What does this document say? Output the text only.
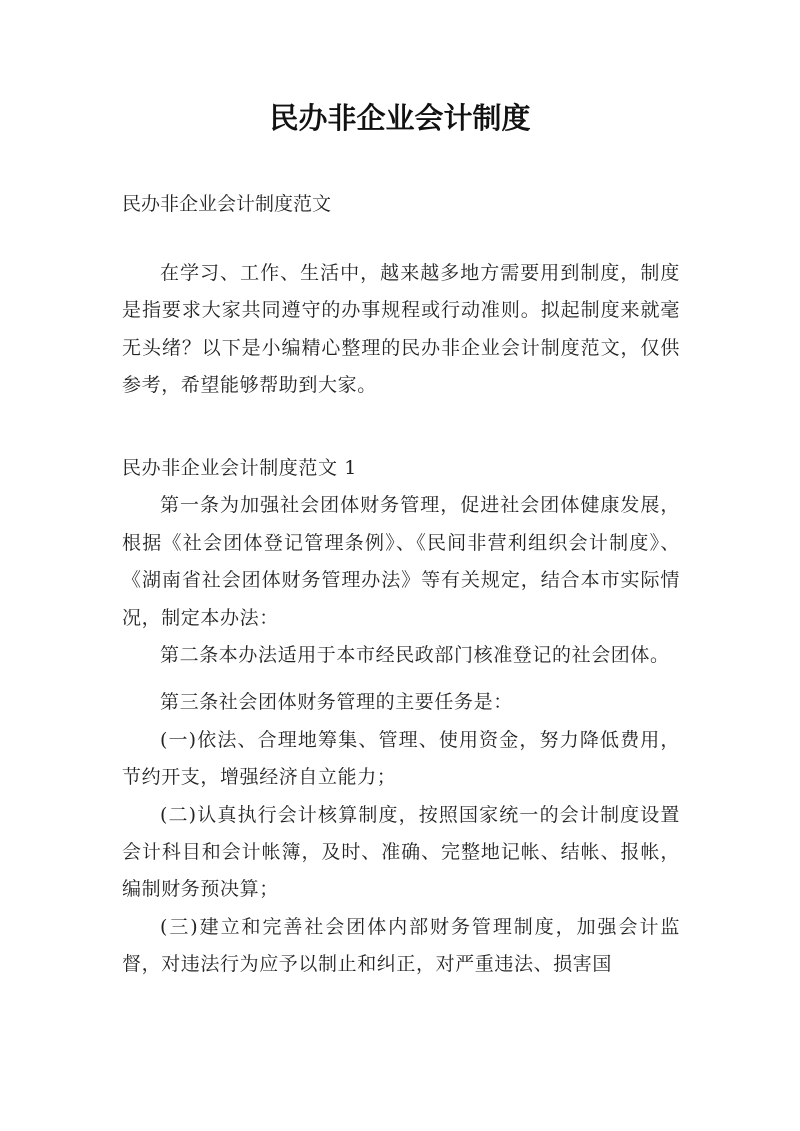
民办非企业会计制度

民办非企业会计制度范文

在学习、工作、生活中，越来越多地方需要用到制度，制度是指要求大家共同遵守的办事规程或行动准则。拟起制度来就毫无头绪？以下是小编精心整理的民办非企业会计制度范文，仅供参考，希望能够帮助到大家。

民办非企业会计制度范文 1

第一条为加强社会团体财务管理，促进社会团体健康发展，根据《社会团体登记管理条例》、《民间非营利组织会计制度》、《湖南省社会团体财务管理办法》等有关规定，结合本市实际情况，制定本办法：

第二条本办法适用于本市经民政部门核准登记的社会团体。

第三条社会团体财务管理的主要任务是：

(一)依法、合理地筹集、管理、使用资金，努力降低费用，节约开支，增强经济自立能力；

(二)认真执行会计核算制度，按照国家统一的会计制度设置会计科目和会计帐簿，及时、准确、完整地记帐、结帐、报帐，编制财务预决算；

(三)建立和完善社会团体内部财务管理制度，加强会计监督，对违法行为应予以制止和纠正，对严重违法、损害国
